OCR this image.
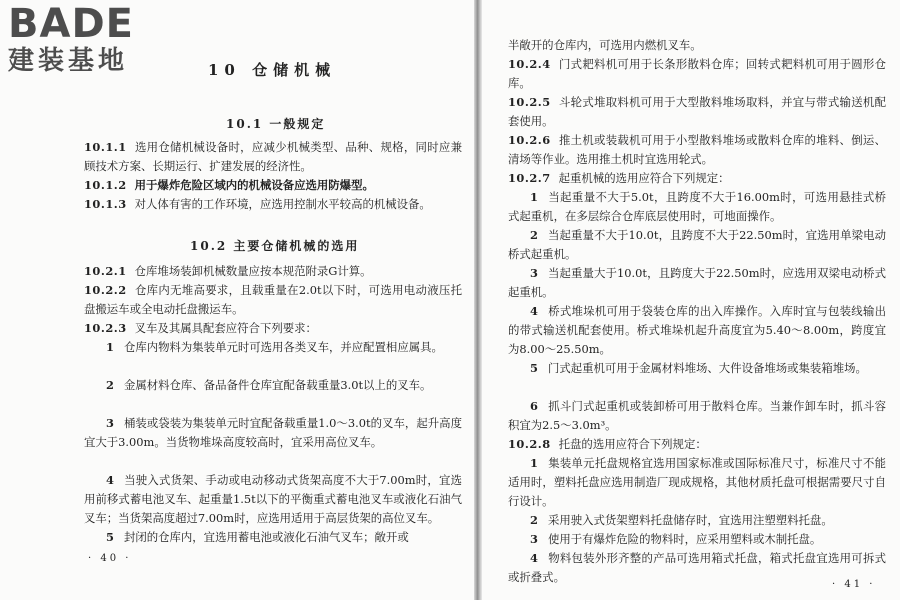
BADE
建装基地	10 仓储机械
10.1 一般规定
10.1.1 选用仓储机械设备时，应减少机械类型、品种、规格，同时应兼顾技术方案、长期运行、扩建发展的经济性。
10.1.2 用于爆炸危险区域内的机械设备应选用防爆型。
10.1.3 对人体有害的工作环境，应选用控制水平较高的机械设备。
10.2 主要仓储机械的选用
10.2.1 仓库堆场装卸机械数量应按本规范附录G计算。
10.2.2 仓库内无堆高要求，且载重量在2.0t以下时，可选用电动液压托盘搬运车或全电动托盘搬运车。
10.2.3 叉车及其属具配套应符合下列要求：
1 仓库内物料为集装单元时可选用各类叉车，并应配置相应属具。
2 金属材料仓库、备品备件仓库宜配备载重量3.0t以上的叉车。
3 桶装或袋装为集装单元时宜配备载重量1.0～3.0t的叉车，起升高度宜大于3.00m。当货物堆垛高度较高时，宜采用高位叉车。
4 当驶入式货架、手动或电动移动式货架高度不大于7.00m时，宜选用前移式蓄电池叉车、起重量1.5t以下的平衡重式蓄电池叉车或液化石油气叉车；当货架高度超过7.00m时，应选用适用于高层货架的高位叉车。
5 封闭的仓库内，宜选用蓄电池或液化石油气叉车；敞开或
· 40 ·
半敞开的仓库内，可选用内燃机叉车。
10.2.4 门式耙料机可用于长条形散料仓库；回转式耙料机可用于圆形仓库。
10.2.5 斗轮式堆取料机可用于大型散料堆场取料，并宜与带式输送机配套使用。
10.2.6 推土机或装载机可用于小型散料堆场或散料仓库的堆料、倒运、清场等作业。选用推土机时宜选用轮式。
10.2.7 起重机械的选用应符合下列规定：
1 当起重量不大于5.0t，且跨度不大于16.00m时，可选用悬挂式桥式起重机，在多层综合仓库底层使用时，可地面操作。
2 当起重量不大于10.0t，且跨度不大于22.50m时，宜选用单梁电动桥式起重机。
3 当起重量大于10.0t，且跨度大于22.50m时，应选用双梁电动桥式起重机。
4 桥式堆垛机可用于袋装仓库的出入库操作。入库时宜与包装线输出的带式输送机配套使用。桥式堆垛机起升高度宜为5.40～8.00m，跨度宜为8.00～25.50m。
5 门式起重机可用于金属材料堆场、大件设备堆场或集装箱堆场。
6 抓斗门式起重机或装卸桥可用于散料仓库。当兼作卸车时，抓斗容积宜为2.5～3.0m³。
10.2.8 托盘的选用应符合下列规定：
1 集装单元托盘规格宜选用国家标准或国际标准尺寸，标准尺寸不能适用时，塑料托盘应选用制造厂现成规格，其他材质托盘可根据需要尺寸自行设计。
2 采用驶入式货架塑料托盘储存时，宜选用注塑塑料托盘。
3 使用于有爆炸危险的物料时，应采用塑料或木制托盘。
4 物料包装外形齐整的产品可选用箱式托盘，箱式托盘宜选用可拆式或折叠式。
· 41 ·
